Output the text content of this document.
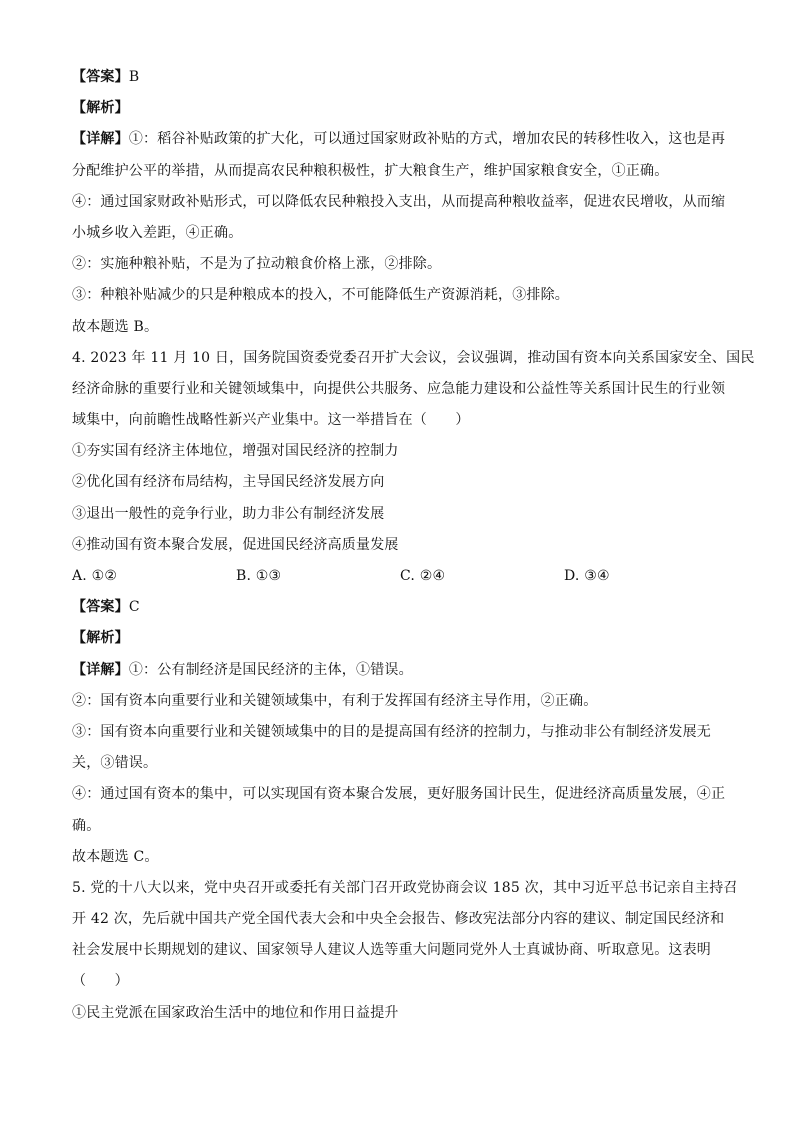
【答案】B
【解析】
【详解】①：稻谷补贴政策的扩大化，可以通过国家财政补贴的方式，增加农民的转移性收入，这也是再
分配维护公平的举措，从而提高农民种粮积极性，扩大粮食生产，维护国家粮食安全，①正确。
④：通过国家财政补贴形式，可以降低农民种粮投入支出，从而提高种粮收益率，促进农民增收，从而缩
小城乡收入差距，④正确。
②：实施种粮补贴，不是为了拉动粮食价格上涨，②排除。
③：种粮补贴减少的只是种粮成本的投入，不可能降低生产资源消耗，③排除。
故本题选 B。
4. 2023 年 11 月 10 日，国务院国资委党委召开扩大会议，会议强调，推动国有资本向关系国家安全、国民
经济命脉的重要行业和关键领域集中，向提供公共服务、应急能力建设和公益性等关系国计民生的行业领
域集中，向前瞻性战略性新兴产业集中。这一举措旨在（　　）
①夯实国有经济主体地位，增强对国民经济的控制力
②优化国有经济布局结构，主导国民经济发展方向
③退出一般性的竞争行业，助力非公有制经济发展
④推动国有资本聚合发展，促进国民经济高质量发展
A. ①②	B. ①③	C. ②④	D. ③④
【答案】C
【解析】
【详解】①：公有制经济是国民经济的主体，①错误。
②：国有资本向重要行业和关键领域集中，有利于发挥国有经济主导作用，②正确。
③：国有资本向重要行业和关键领域集中的目的是提高国有经济的控制力，与推动非公有制经济发展无
关，③错误。
④：通过国有资本的集中，可以实现国有资本聚合发展，更好服务国计民生，促进经济高质量发展，④正
确。
故本题选 C。
5. 党的十八大以来，党中央召开或委托有关部门召开政党协商会议 185 次，其中习近平总书记亲自主持召
开 42 次，先后就中国共产党全国代表大会和中央全会报告、修改宪法部分内容的建议、制定国民经济和
社会发展中长期规划的建议、国家领导人建议人选等重大问题同党外人士真诚协商、听取意见。这表明
（　　）
①民主党派在国家政治生活中的地位和作用日益提升
